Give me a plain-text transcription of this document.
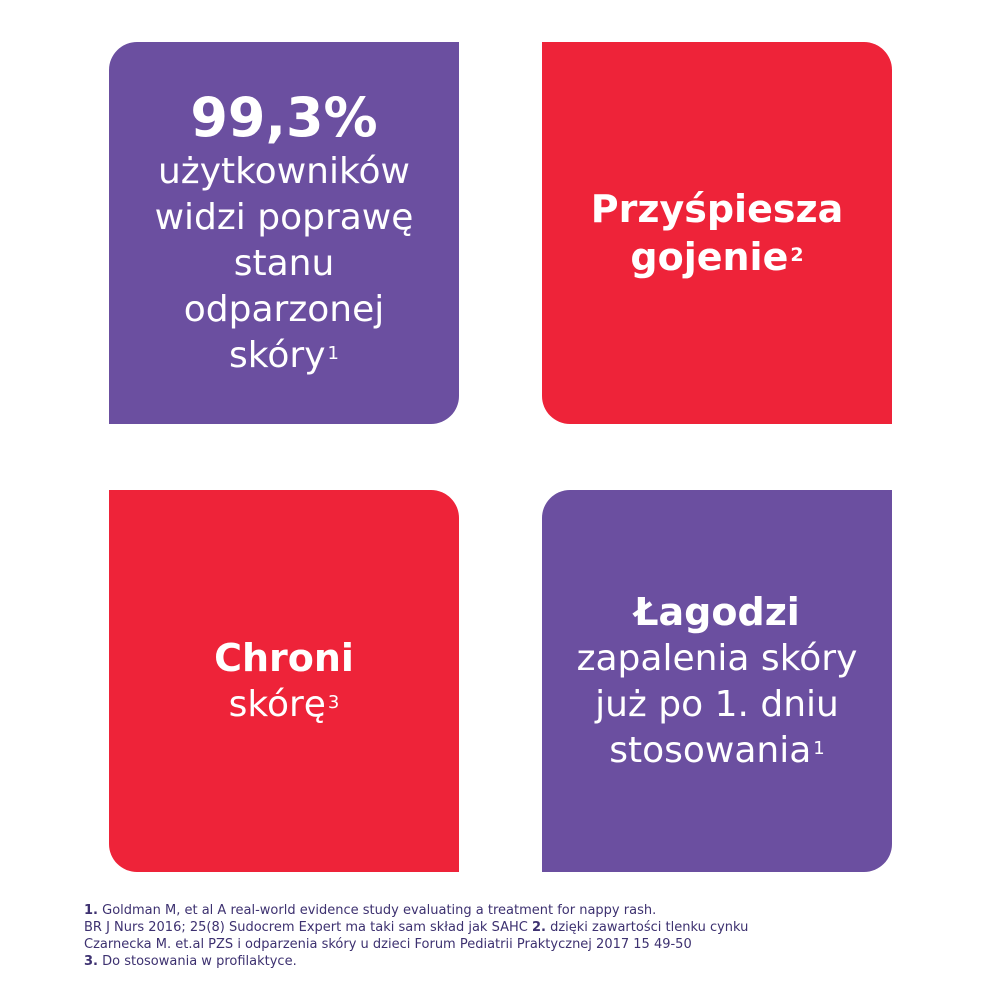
99,3%
użytkowników
widzi poprawę
stanu
odparzonej
skóry $^1$
Przyśpiesza
gojenie $^2$
Chroni
skórę $^3$
Łagodzi
zapalenia skóry
już po 1. dniu
stosowania $^1$
1. Goldman M, et al A real-world evidence study evaluating a treatment for nappy rash.
BR J Nurs 2016; 25(8) Sudocrem Expert ma taki sam skład jak SAHC 2. dzięki zawartości tlenku cynku
Czarnecka M. et.al PZS i odparzenia skóry u dzieci Forum Pediatrii Praktycznej 2017 15 49-50
3. Do stosowania w profilaktyce.
